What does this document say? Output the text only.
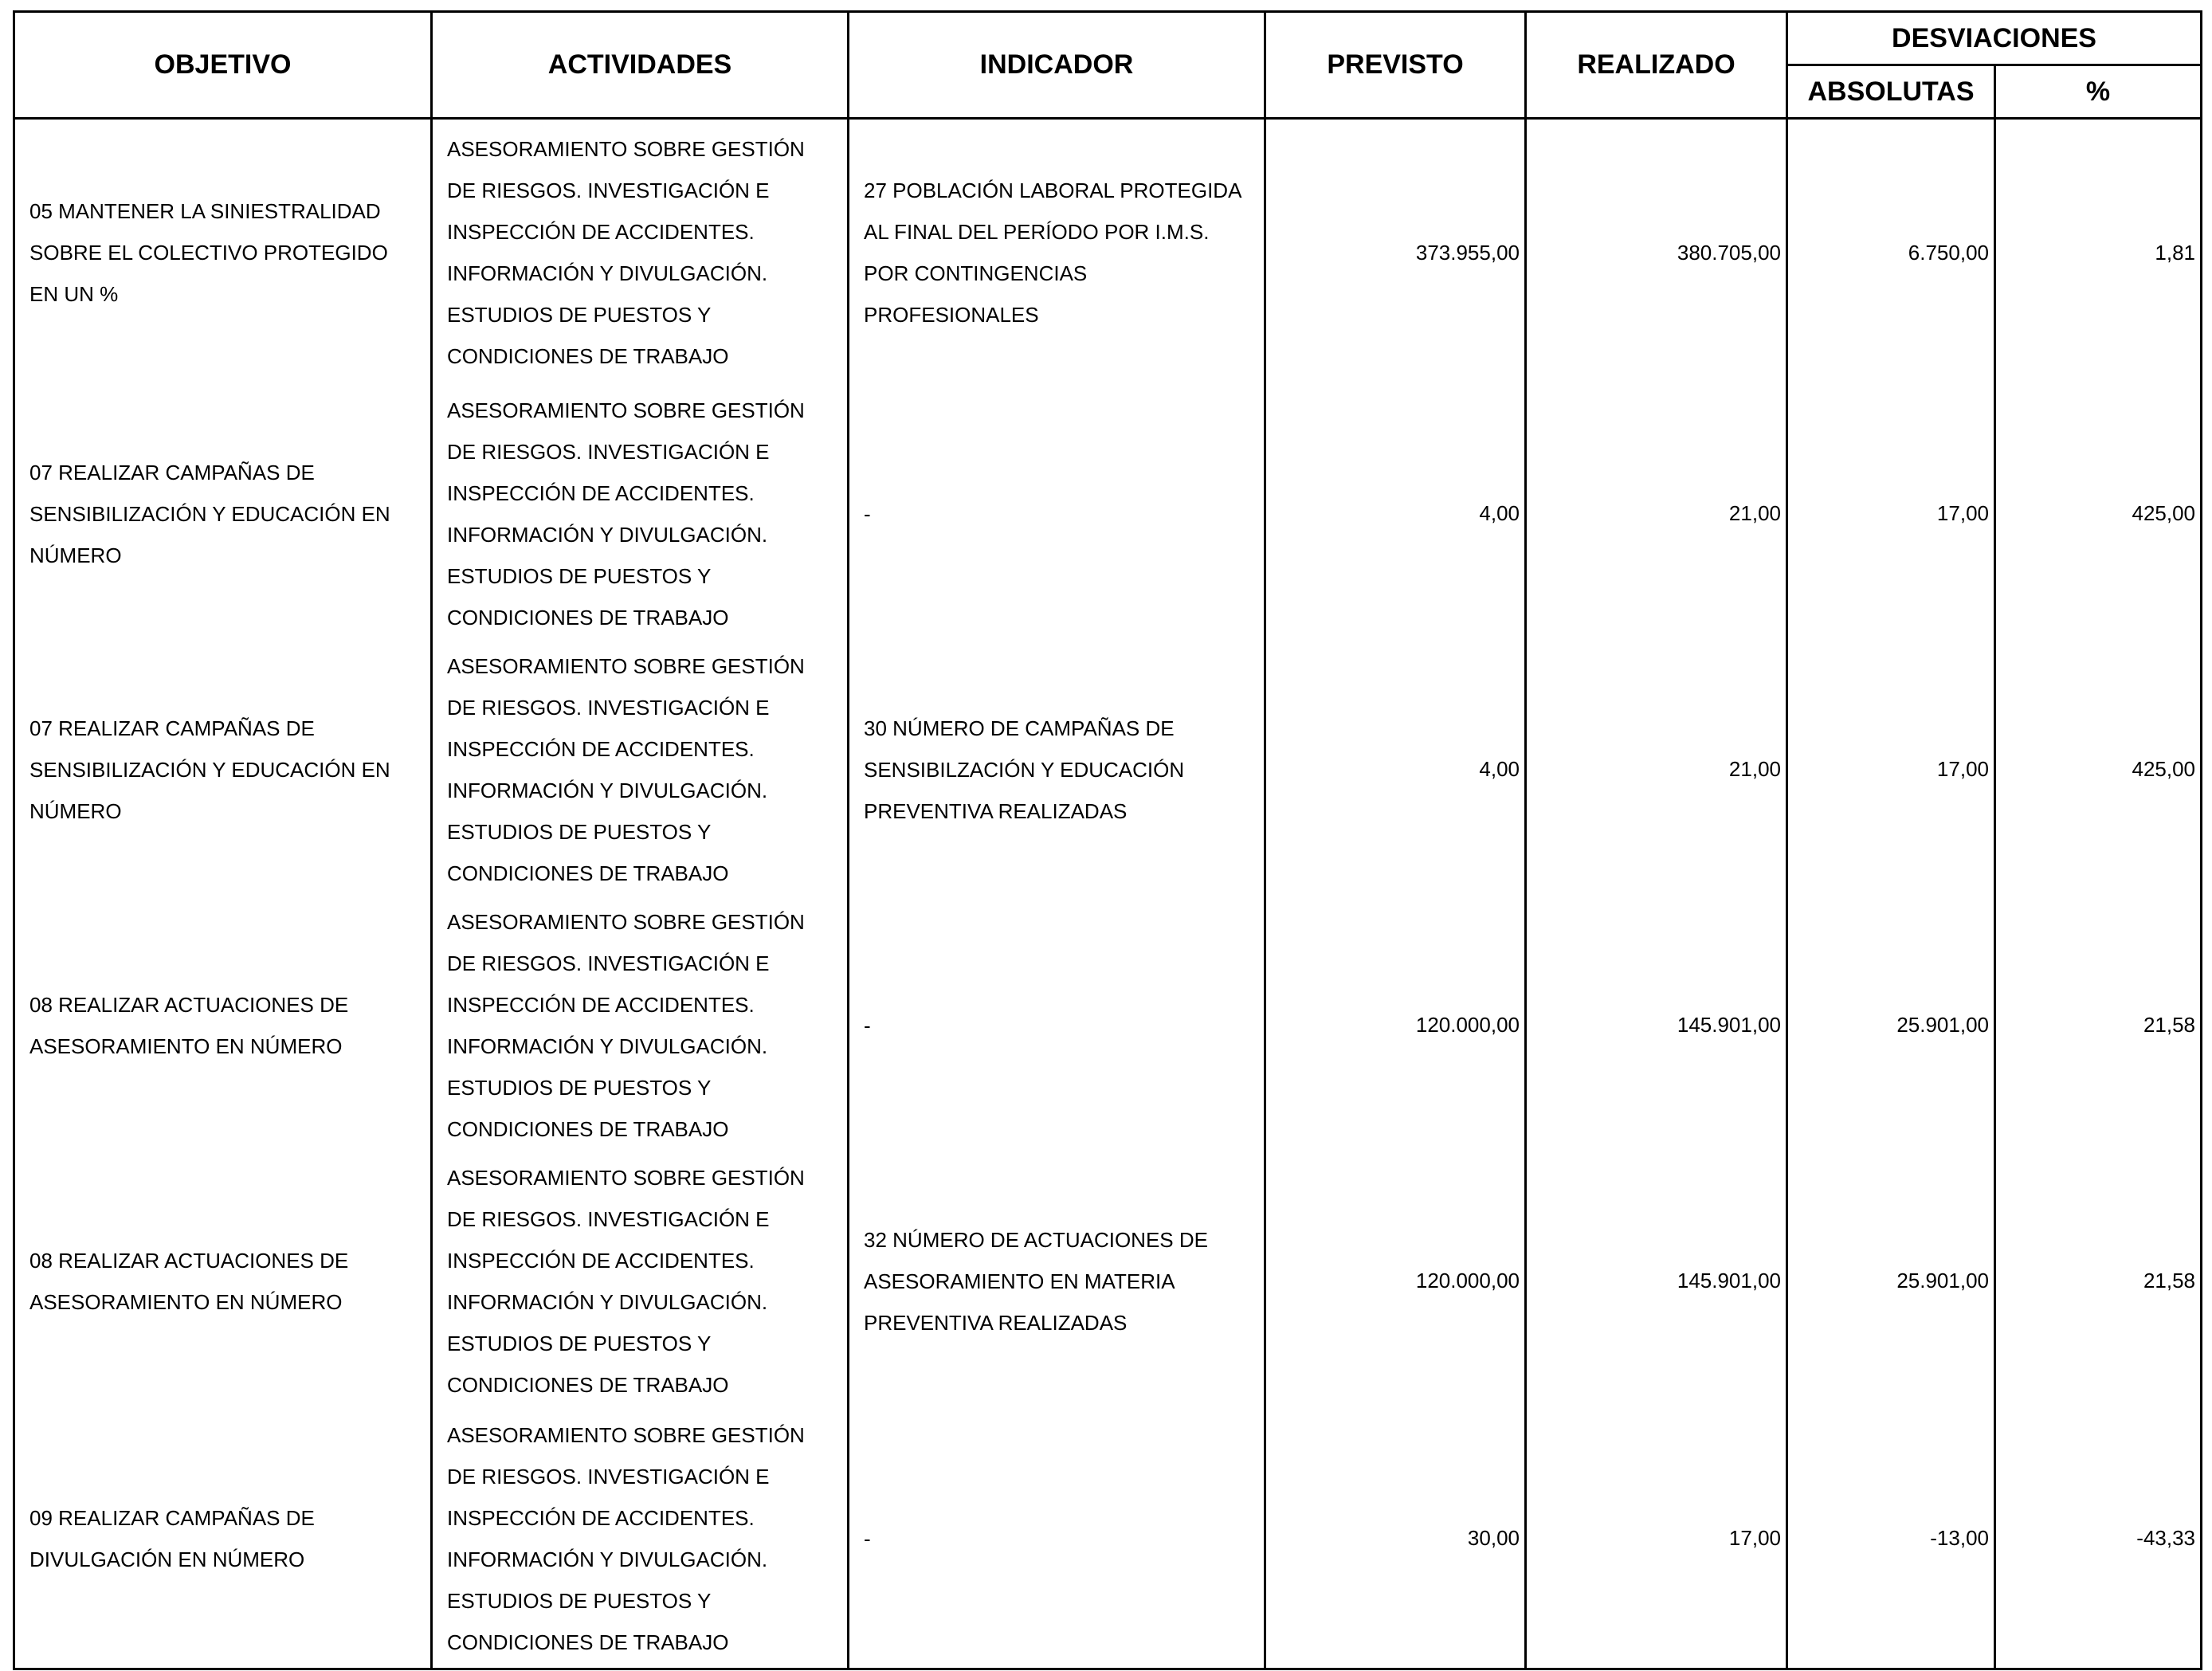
OBJETIVO	ACTIVIDADES	INDICADOR	PREVISTO	REALIZADO	DESVIACIONES	
					ABSOLUTAS	%

05 MANTENER LA SINIESTRALIDAD SOBRE EL COLECTIVO PROTEGIDO EN UN %	ASESORAMIENTO SOBRE GESTIÓN DE RIESGOS. INVESTIGACIÓN E INSPECCIÓN DE ACCIDENTES. INFORMACIÓN Y DIVULGACIÓN. ESTUDIOS DE PUESTOS Y CONDICIONES DE TRABAJO	27 POBLACIÓN LABORAL PROTEGIDA AL FINAL DEL PERÍODO POR I.M.S. POR CONTINGENCIAS PROFESIONALES	373.955,00	380.705,00	6.750,00	1,81

07 REALIZAR CAMPAÑAS DE SENSIBILIZACIÓN Y EDUCACIÓN EN NÚMERO	ASESORAMIENTO SOBRE GESTIÓN DE RIESGOS. INVESTIGACIÓN E INSPECCIÓN DE ACCIDENTES. INFORMACIÓN Y DIVULGACIÓN. ESTUDIOS DE PUESTOS Y CONDICIONES DE TRABAJO	-	4,00	21,00	17,00	425,00

07 REALIZAR CAMPAÑAS DE SENSIBILIZACIÓN Y EDUCACIÓN EN NÚMERO	ASESORAMIENTO SOBRE GESTIÓN DE RIESGOS. INVESTIGACIÓN E INSPECCIÓN DE ACCIDENTES. INFORMACIÓN Y DIVULGACIÓN. ESTUDIOS DE PUESTOS Y CONDICIONES DE TRABAJO	30 NÚMERO DE CAMPAÑAS DE SENSIBILZACIÓN Y EDUCACIÓN PREVENTIVA REALIZADAS	4,00	21,00	17,00	425,00

08 REALIZAR ACTUACIONES DE ASESORAMIENTO EN NÚMERO	ASESORAMIENTO SOBRE GESTIÓN DE RIESGOS. INVESTIGACIÓN E INSPECCIÓN DE ACCIDENTES. INFORMACIÓN Y DIVULGACIÓN. ESTUDIOS DE PUESTOS Y CONDICIONES DE TRABAJO	-	120.000,00	145.901,00	25.901,00	21,58

08 REALIZAR ACTUACIONES DE ASESORAMIENTO EN NÚMERO	ASESORAMIENTO SOBRE GESTIÓN DE RIESGOS. INVESTIGACIÓN E INSPECCIÓN DE ACCIDENTES. INFORMACIÓN Y DIVULGACIÓN. ESTUDIOS DE PUESTOS Y CONDICIONES DE TRABAJO	32 NÚMERO DE ACTUACIONES DE ASESORAMIENTO EN MATERIA PREVENTIVA REALIZADAS	120.000,00	145.901,00	25.901,00	21,58

09 REALIZAR CAMPAÑAS DE DIVULGACIÓN EN NÚMERO	ASESORAMIENTO SOBRE GESTIÓN DE RIESGOS. INVESTIGACIÓN E INSPECCIÓN DE ACCIDENTES. INFORMACIÓN Y DIVULGACIÓN. ESTUDIOS DE PUESTOS Y CONDICIONES DE TRABAJO	-	30,00	17,00	-13,00	-43,33
